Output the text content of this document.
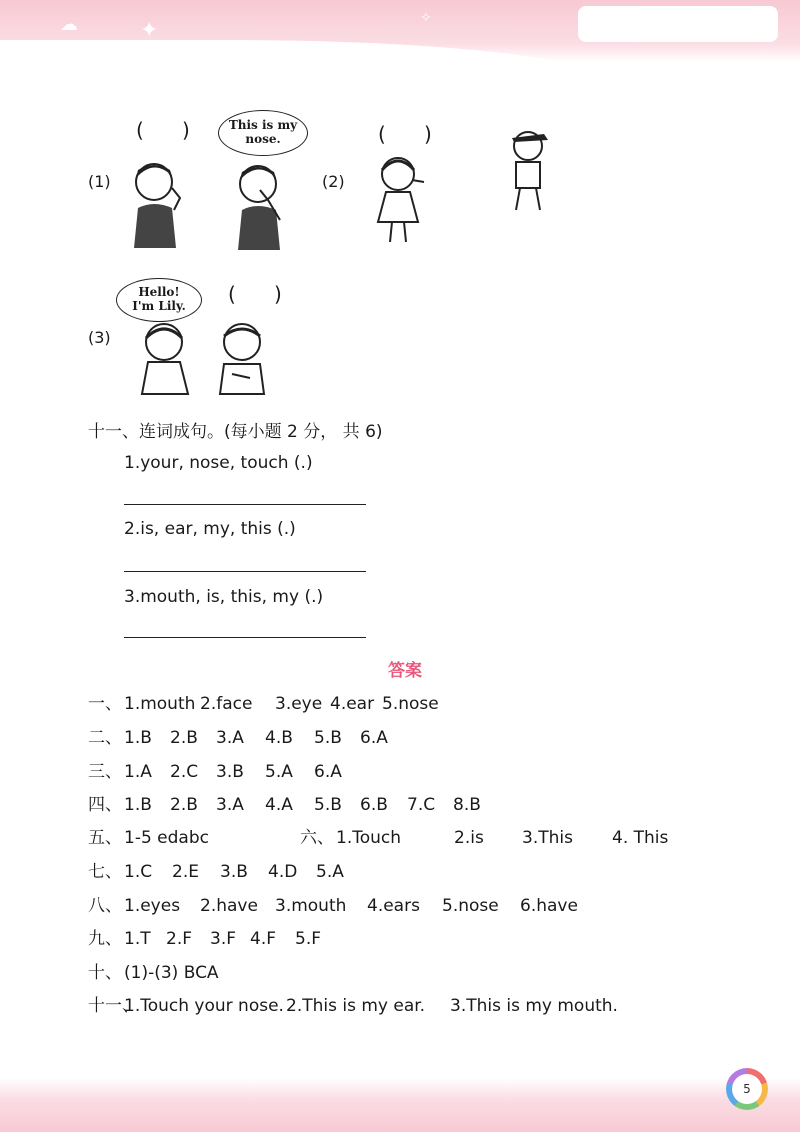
✦
☁	✧
(      )	This is my
nose.
(1)
(      )
(2)
Hello!
I'm Lily. (      )
(3)
十一、连词成句。(每小题 2 分， 共 6)
1.your, nose, touch (.)
2.is, ear, my, this (.)
3.mouth, is, this, my (.)
答案
一、 1.mouth 2.face 3.eye 4.ear 5.nose
二、 1.B 2.B 3.A 4.B 5.B 6.A
三、 1.A 2.C 3.B 5.A 6.A
四、 1.B 2.B 3.A 4.A 5.B 6.B 7.C 8.B
五、 1-5 edabc	六、 1.Touch	2.is 3.This 4. This
七、 1.C 2.E 3.B 4.D 5.A
八、 1.eyes 2.have 3.mouth 4.ears 5.nose 6.have
九、 1.T 2.F 3.F 4.F 5.F
十、 (1)-(3) BCA
十一、
1.Touch your nose. 2.This is my ear. 3.This is my mouth.
5
